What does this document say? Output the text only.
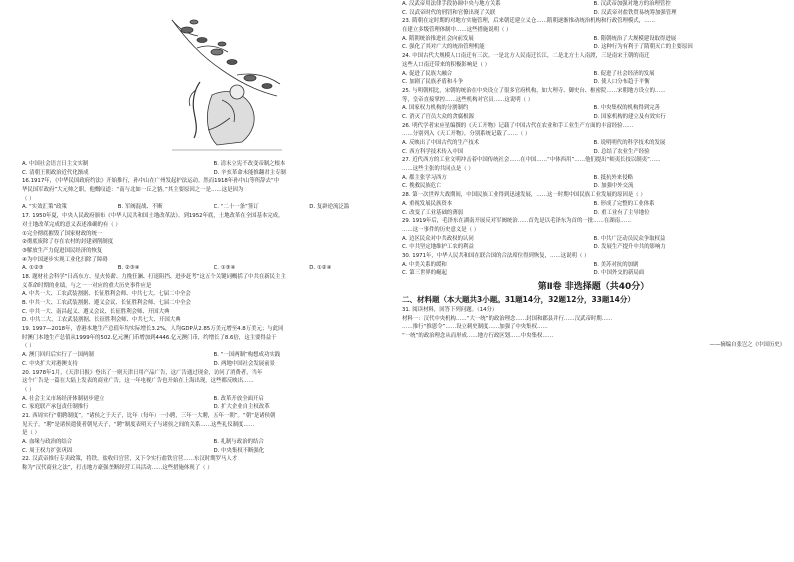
A. 中国社会语言日主文实制	B. 清末立宪不改变帝制之根本

C. 清朝王朝政治近代化渐成	D. 辛亥革命未能推翻君主专制

16.1917年，《中华民国政府约法》开始推行，孙中山在广州发起护法运动。然而1918年孙中山等所辞去“中

华民国军政府”大元帅之职，他慨叹道：“南与北如一丘之貉。”其主要原因之一是……这是因为

（ ）

A. “实效汇策”政策	B. 军阀混战、不断	C. “二十一条”签订	D. 复辟逆流泛滥

17. 1950年夏，中央人民政府颁布《中华人民共和国土地改革法》。到1952年底，土地改革在全国基本完成。

对土地改革完成的意义表述准确的有（ ）

①完全彻底摧毁了国家财政的统一

②彻底废除了存在农村的封建剥削制度

③解放生产力促进国民经济的恢复

④为中国逐步实现工业化扫除了障碍

A. ①②③	B. ②③④	C. ①③④	D. ①②④

18. 题材社会科学“日高东方、星火传薪、力挽狂澜、打退阻挡、进步赶考”这五个关键词概括了中共在新民主主

义革命时期的业绩，与之一一对应的重大历史事件应是

A. 中共一大、工农武装割据、长征胜利会师、中共七大、七届二中全会

B. 中共一大、工农武装割据、遵义会议、长征胜利会师、七届二中全会

C. 中共一大、南昌起义、遵义会议、长征胜利会师、开国大典

D. 中共二大、工农武装割据、长征胜利会师、中共七大、开国大典

19. 1997—2018年，香港本地生产总值年均实际增长3.2%，人均GDP从2.85万美元增至4.8万美元；与此同

时澳门本地生产总值从1999年的502.亿元澳门币增加到4446.亿元澳门币，约增长了8.6倍，这主要得益于

（ ）

A. 澳门回归后实行了一国两制	B. “一国两制”构想成功实践

C. 中央扩大对港澳支持	D. 两地中国社会发展前景

20. 1978年1月，《天津日报》登出了一则天津日用产品广告，这广告通过现金，访问了消费者，当年

这个广告是一篇在大陆上发表的商业广告，这一年电视广告也开始在上海出现，这些都反映出……

（ ）

A. 社会主义市场经济体制初步建立	B. 改革开放全面开启

C. 家庭联产承包责任制推行	D. 扩大企业自主权改革

21. 西周实行“朝聘制度”。“诸侯之于天子，比年（每年）一小聘，三年一大聘，五年一朝”。“朝”是诸侯朝

见天子，“聘”是诸侯遣使者朝见天子，“聘”制度表明天子与诸侯之间的关系……这些礼仪制度……

是（ ）

A. 血缘与政治的结合	B. 礼制与政治的结合

C. 周王权力扩张巩固	D. 中央集权不断强化

22. 汉武帝推行专卖政策，将铁、盐收归官营，又下令实行盐铁官营……东汉时期罗马人才

称为“汉代商业之法”，打击地方豪强垄断经营工具活动……这些措施体现了（ ）

A. 汉武帝用法律手段协调中央与地方关系	B. 汉武帝加强对地方的治理管控

C. 汉武帝时代的刑罚和官僚出现了关联	D. 汉武帝对盐铁贸易统筹加强管理

23. 隋朝在定时期的对地方实施管理，后来朝廷建立义仓……隋朝逐渐推动统治机构和行政管理模式，……

在建立多级管理体制中……这些措施说明（ ）

A. 隋朝统治推进社会向前发展	B. 隋朝统治了大规模建设取得进展

C. 强化了其对广大的统治管理机能	D. 这种行为有利于了隋朝灭亡的主要原因

24. 中国古代大规模人口南迁有三次。一是北方人民南迁长江，二是北方士人南渡，三是南宋王朝的南迁

这些人口南迁带来的积极影响是（ ）

A. 促进了民族大融合	B. 促进了社会经济的发展

C. 加剧了民族矛盾和斗争	D. 使人口分布趋于平衡

25. 与明朝相比，宋朝的统治在中央设立了很多官府机构，如大理寺、御史台、枢密院……宋朝地方设立的……

等，皇帝直接掌控……这些机构对官员……这说明（ ）

A. 国家权力机构的分割制约	B. 中央集权的机构得到完善

C. 消灭了官员大众的贪腐根源	D. 国家机构的建立及有效实行

26. 明代学者宋应星编撰的《天工开物》记载了中国古代在农业和手工业生产方面的丰富经验……

……分别列入《天工开物》，分别系统记载了……（ ）

A. 反映出了中国古代的生产技术	B. 说明明代的科学技术的发展

C. 西方科学技术传入中国	D. 总结了农业生产经验

27. 近代西方的工业文明冲击着中国传统社会……在中国……“中体西用”……他们提出“师夷长技以制夷”……

……这些主张的共同点是（ ）

A. 都主张学习西方	B. 抵抗外来侵略

C. 挽救民族危亡	D. 加强中外交流

28. 第一次世界大战期间，中国民族工业得到迅速发展，……这一时期中国民族工业发展的原因是（ ）

A. 重视发展民族资本	B. 形成了完整的工业体系

C. 改变了工业基础的薄弱	D. 重工业有了主导地位

29. 1919年后，毛泽东在湖南开展反对军阀统治……首先是以毛泽东为首的一批……在湖南……

……这一事件的历史意义是（ ）

A. 边区民众对中共政权的认同	B. 中共广泛动员民众争取权益

C. 中共坚定地维护工农的利益	D. 发展生产提升中共的影响力

30. 1971年，中华人民共和国在联合国的合法席位得到恢复，……这说明（ ）

A. 中美关系的缓和	B. 美苏对抗的加剧

C. 第三世界的崛起	D. 中国外交的新局面

第Ⅱ卷 非选择题（共40分）
二、材料题（本大题共3小题。31题14分，32题12分，33题14分）

31. 阅读材料，回答下列问题。（14分）

材料一：汉代中央机构……“大一统”的政治理念……封国和郡县并行……汉武帝时期……

……推行“推恩令”……设立刺史制度……加强了中央集权……

“一统”的政治理念从而形成……地方行政区划……中央集权……

——摘编自张岂之《中国历史》
